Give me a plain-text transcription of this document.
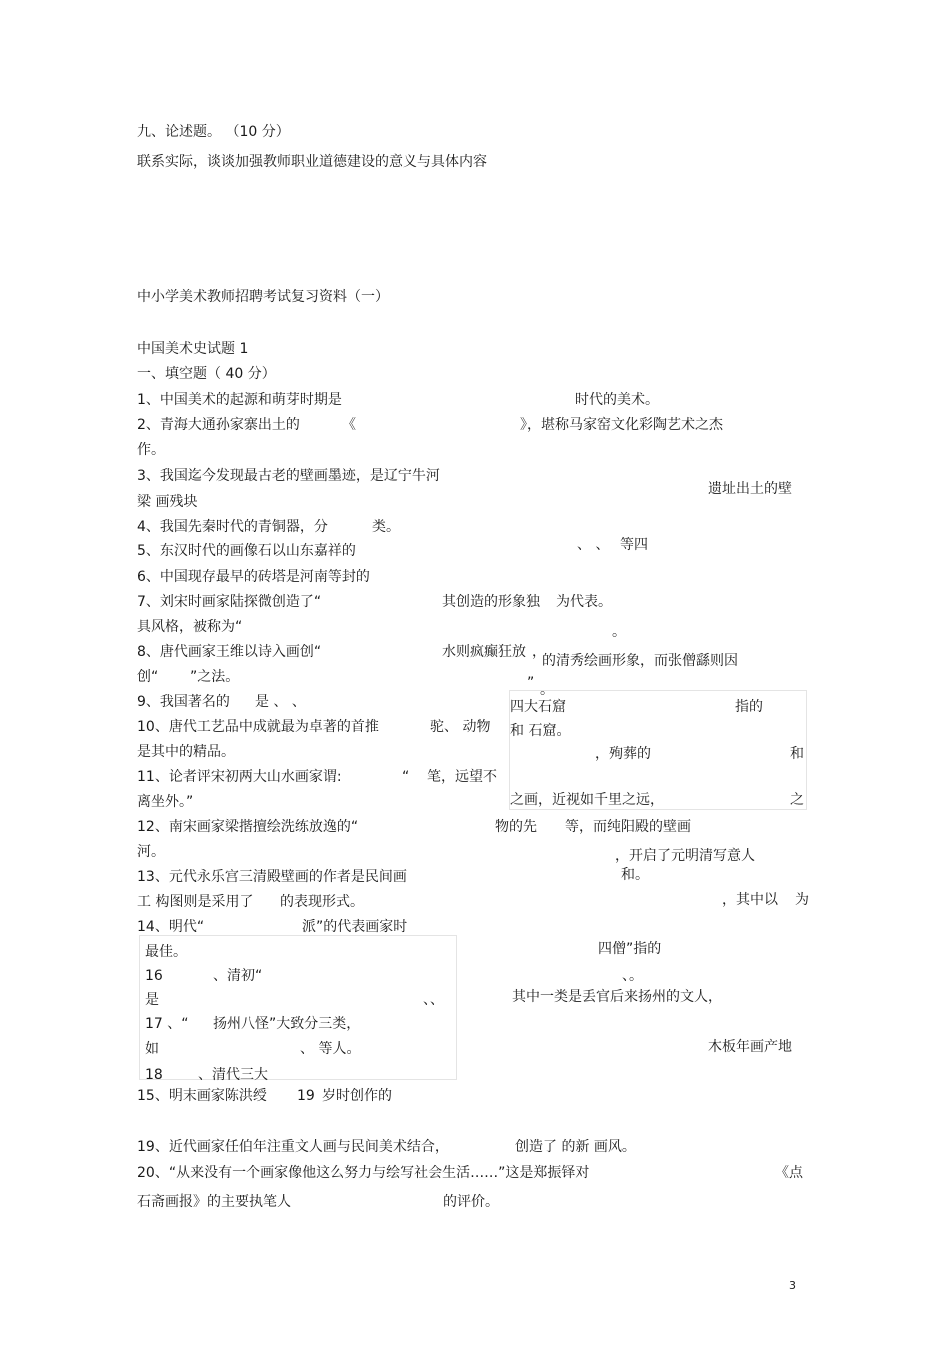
九、论述题。 （10 分）
联系实际，谈谈加强教师职业道德建设的意义与具体内容
中小学美术教师招聘考试复习资料（一）
中国美术史试题 1
一、填空题（ 40 分）
1、中国美术的起源和萌芽时期是	时代的美术。
2、青海大通孙家寨出土的	《	》，堪称马家窑文化彩陶艺术之杰
作。
3、我国迄今发现最古老的壁画墨迹，是辽宁牛河
梁 画残块
遗址出土的壁
4、我国先秦时代的青铜器，分	类。
5、东汉时代的画像石以山东嘉祥的	、 、 等四
6、中国现存最早的砖塔是河南等封的
7、刘宋时画家陆探微创造了“	其创造的形象独 为代表。
具风格，被称为“	。
8、唐代画家王维以诗入画创“	水则疯癫狂放 ，
的清秀绘画形象，而张僧繇则因
创“ ”之法。	” 。
9、我国著名的 是 、 、	四大石窟	指的
10、唐代工艺品中成就最为卓著的首推	驼、 动物 和 石窟。
是其中的精品。	，殉葬的	和
11、论者评宋初两大山水画家谓:	“ 笔，远望不
离坐外。”	之画，近视如千里之远，	之
12、南宋画家梁揩擅绘洗练放逸的“	物的先 等，而纯阳殿的壁画
河。	，开启了元明清写意人
13、元代永乐宫三清殿壁画的作者是民间画	和。
工 构图则是采用了 的表现形式。	，其中以 为
14、明代“	派”的代表画家时
最佳。	四僧”指的
16	、清初“	、。
是	、、	其中一类是丢官后来扬州的文人，
17 、“ 扬州八怪”大致分三类，
如	、 等人。	木板年画产地
18	、清代三大
15、明末画家陈洪绶 19 岁时创作的
19、近代画家任伯年注重文人画与民间美术结合，	创造了 的新 画风。
20、“从来没有一个画家像他这么努力与绘写社会生活……”这是郑振铎对	《点
石斋画报》的主要执笔人	的评价。
3
